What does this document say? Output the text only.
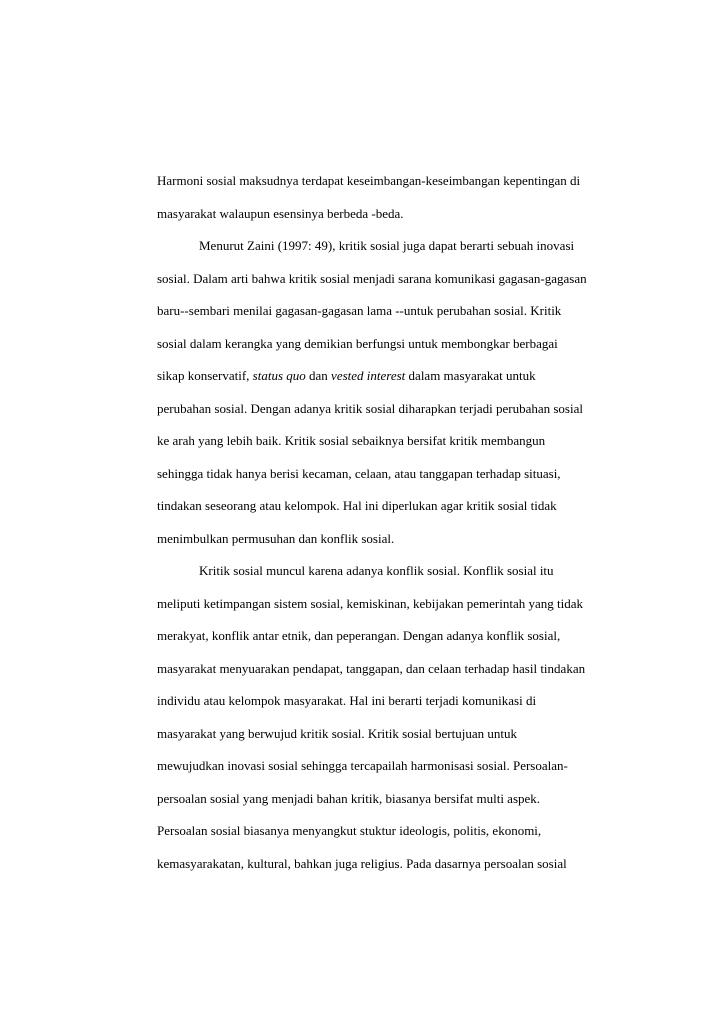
Harmoni sosial maksudnya terdapat keseimbangan-keseimbangan kepentingan di
masyarakat walaupun esensinya berbeda -beda.
Menurut Zaini (1997: 49), kritik sosial juga dapat berarti sebuah inovasi
sosial. Dalam arti bahwa kritik sosial menjadi sarana komunikasi gagasan-gagasan
baru--sembari menilai gagasan-gagasan lama --untuk perubahan sosial. Kritik
sosial dalam kerangka yang demikian berfungsi untuk membongkar berbagai
sikap konservatif, status quo dan vested interest dalam masyarakat untuk
perubahan sosial. Dengan adanya kritik sosial diharapkan terjadi perubahan sosial
ke arah yang lebih baik. Kritik sosial sebaiknya bersifat kritik membangun
sehingga tidak hanya berisi kecaman, celaan, atau tanggapan terhadap situasi,
tindakan seseorang atau kelompok. Hal ini diperlukan agar kritik sosial tidak
menimbulkan permusuhan dan konflik sosial.
Kritik sosial muncul karena adanya konflik sosial. Konflik sosial itu
meliputi ketimpangan sistem sosial, kemiskinan, kebijakan pemerintah yang tidak
merakyat, konflik antar etnik, dan peperangan. Dengan adanya konflik sosial,
masyarakat menyuarakan pendapat, tanggapan, dan celaan terhadap hasil tindakan
individu atau kelompok masyarakat. Hal ini berarti terjadi komunikasi di
masyarakat yang berwujud kritik sosial. Kritik sosial bertujuan untuk
mewujudkan inovasi sosial sehingga tercapailah harmonisasi sosial. Persoalan-
persoalan sosial yang menjadi bahan kritik, biasanya bersifat multi aspek.
Persoalan sosial biasanya menyangkut stuktur ideologis, politis, ekonomi,
kemasyarakatan, kultural, bahkan juga religius. Pada dasarnya persoalan sosial
